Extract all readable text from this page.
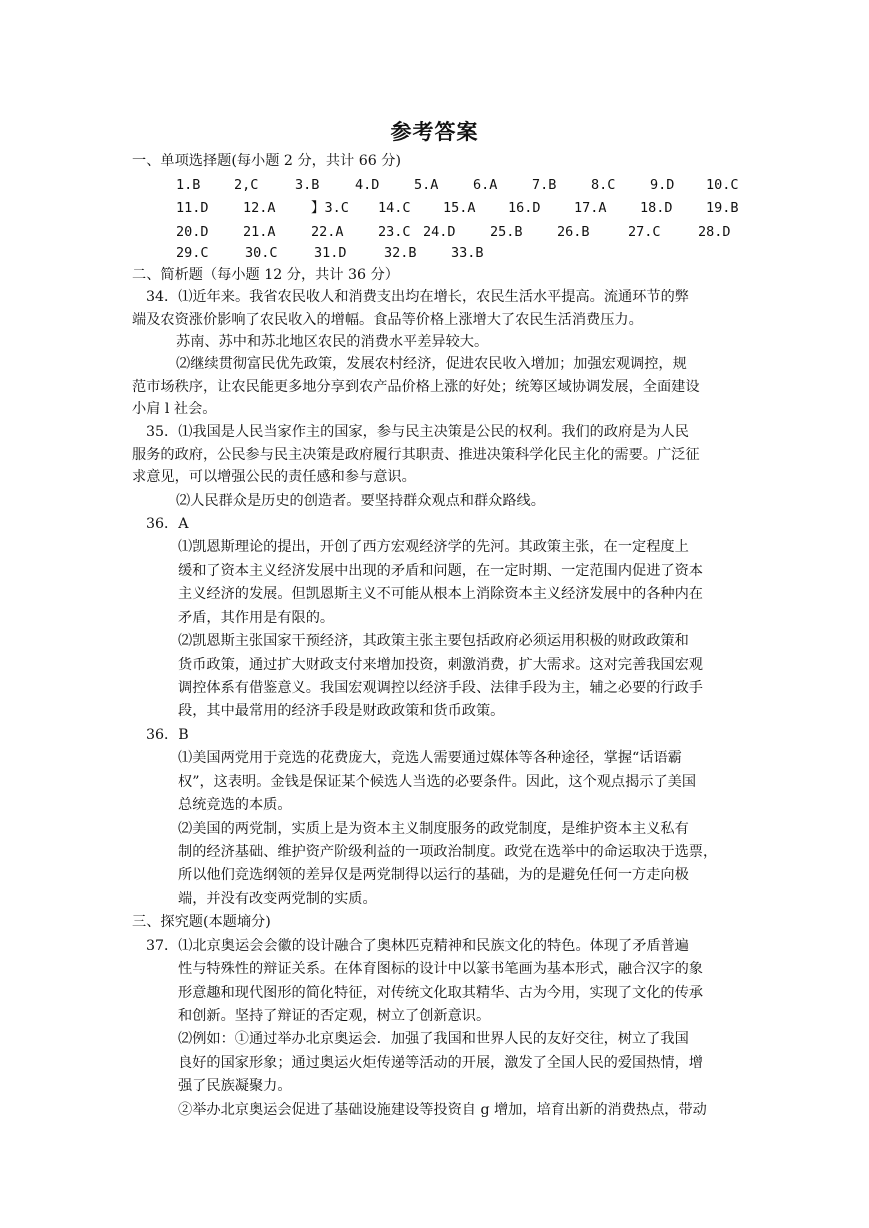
参考答案
一、单项选择题(每小题 2 分，共计 66 分)
1.B 2,C	3.B	4.D	5.A	6.A	7.B	8.C	9.D 10.C
11.D	12.A	】3.C 14.C 15.A 16.D 17.A 18.D 19.B
20.D	21.A	22.A	23.C 24.D	25.B	26.B	27.C	28.D
29.C	30.C	31.D	32.B	33.B
二、简析题（每小题 12 分，共计 36 分）
34．⑴近年来。我省农民收人和消费支出均在增长，农民生活水平提高。流通环节的弊
端及农资涨价影响了农民收入的增幅。食品等价格上涨增大了农民生活消费压力。
苏南、苏中和苏北地区农民的消费水平差异较大。
⑵继续贯彻富民优先政策，发展农村经济，促进农民收入增加；加强宏观调控，规
范市场秩序，让农民能更多地分享到农产品价格上涨的好处；统筹区域协调发展，全面建设
小肩 l 社会。
35．⑴我国是人民当家作主的国家，参与民主决策是公民的权利。我们的政府是为人民
服务的政府，公民参与民主决策是政府履行其职责、推进决策科学化民主化的需要。广泛征
求意见，可以增强公民的责任感和参与意识。
⑵人民群众是历史的创造者。要坚持群众观点和群众路线。
36．A
⑴凯恩斯理论的提出，开创了西方宏观经济学的先河。其政策主张，在一定程度上
缓和了资本主义经济发展中出现的矛盾和问题，在一定时期、一定范围内促进了资本
主义经济的发展。但凯恩斯主义不可能从根本上消除资本主义经济发展中的各种内在
矛盾，其作用是有限的。
⑵凯恩斯主张国家干预经济，其政策主张主要包括政府必须运用积极的财政政策和
货币政策，通过扩大财政支付来增加投资，刺激消费，扩大需求。这对完善我国宏观
调控体系有借鉴意义。我国宏观调控以经济手段、法律手段为主，辅之必要的行政手
段，其中最常用的经济手段是财政政策和货币政策。
36．B
⑴美国两党用于竞选的花费庞大，竞选人需要通过媒体等各种途径，掌握“话语霸
权”，这表明。金钱是保证某个候选人当选的必要条件。因此，这个观点揭示了美国
总统竞选的本质。
⑵美国的两党制，实质上是为资本主义制度服务的政党制度，是维护资本主义私有
制的经济基础、维护资产阶级利益的一项政治制度。政党在选举中的命运取决于选票，
所以他们竞选纲领的差异仅是两党制得以运行的基础，为的是避免任何一方走向极
端，并没有改变两党制的实质。
三、探究题(本题墒分)
37．⑴北京奥运会会徽的设计融合了奥林匹克精神和民族文化的特色。体现了矛盾普遍
性与特殊性的辩证关系。在体育图标的设计中以篆书笔画为基本形式，融合汉字的象
形意趣和现代图形的简化特征，对传统文化取其精华、古为今用，实现了文化的传承
和创新。坚持了辩证的否定观，树立了创新意识。
⑵例如：①通过举办北京奥运会．加强了我国和世界人民的友好交往，树立了我国
良好的国家形象；通过奥运火炬传递等活动的开展，激发了全国人民的爱国热情，增
强了民族凝聚力。
②举办北京奥运会促进了基础设施建设等投资自 g 增加，培育出新的消费热点，带动
